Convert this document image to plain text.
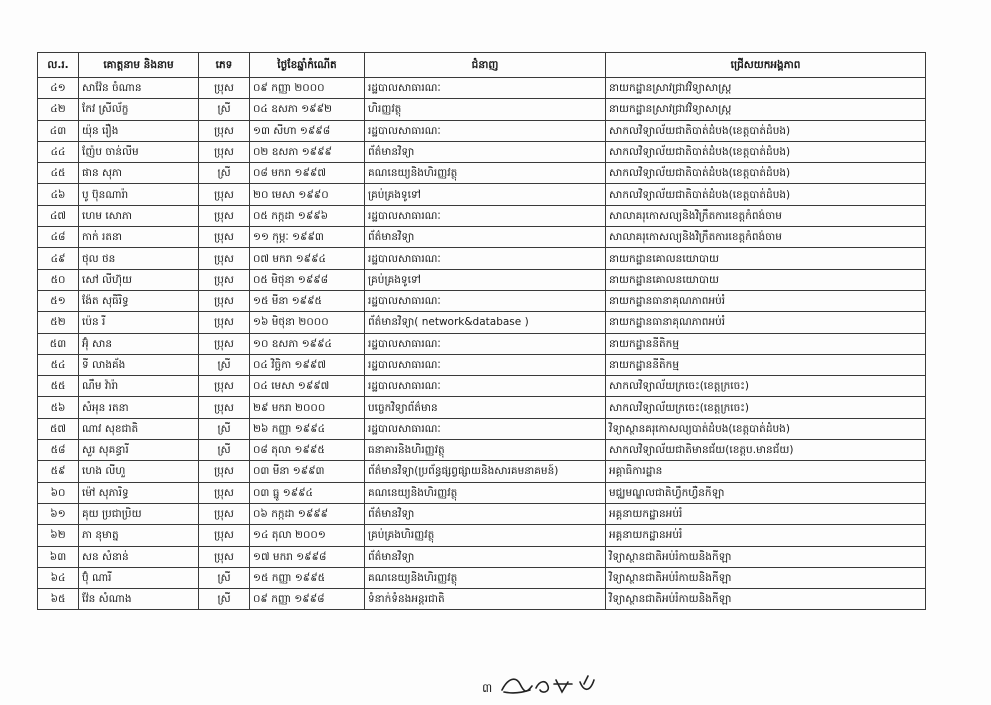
ល.រ.	គោត្តនាម និងនាម	ភេទ	ថ្ងៃខែឆ្នាំកំណើត	ជំនាញ	ជ្រើសយកអង្គភាព
៤១	សាវ៉ែន ចំណាន	ប្រុស	០៩ កញ្ញា ២០០០	រដ្ឋបាលសាធារណៈ	នាយកដ្ឋានស្រាវជ្រាវវិទ្យាសាស្ត្រ
៤២	កែវ ស្រីល័ក្ខ	ស្រី	០៤ ឧសភា ១៩៩២	ហិរញ្ញវត្ថុ	នាយកដ្ឋានស្រាវជ្រាវវិទ្យាសាស្ត្រ
៤៣	យ៉ុន រឿង	ប្រុស	១៣ សីហា ១៩៩៨	រដ្ឋបាលសាធារណៈ	សាកលវិទ្យាល័យជាតិបាត់ដំបង(ខេត្តបាត់ដំបង)
៤៤	ញ៉ែប ចាន់លីម	ប្រុស	០២ ឧសភា ១៩៩៩	ព័ត៌មានវិទ្យា	សាកលវិទ្យាល័យជាតិបាត់ដំបង(ខេត្តបាត់ដំបង)
៤៥	ផាន សុភា	ស្រី	០៨ មករា ១៩៩៧	គណនេយ្យនិងហិរញ្ញវត្ថុ	សាកលវិទ្យាល័យជាតិបាត់ដំបង(ខេត្តបាត់ដំបង)
៤៦	បូ ប៊ុនណារ៉ា	ប្រុស	២០ មេសា ១៩៩០	គ្រប់គ្រងទូទៅ	សាកលវិទ្យាល័យជាតិបាត់ដំបង(ខេត្តបាត់ដំបង)
៤៧	ហេម សោភា	ប្រុស	០៥ កក្កដា ១៩៩៦	រដ្ឋបាលសាធារណៈ	សាលាគរុកោសល្យនិងវិក្រឹតការខេត្តកំពង់ចាម
៤៨	កាក់ រតនា	ប្រុស	១១ កុម្ភៈ ១៩៩៣	ព័ត៌មានវិទ្យា	សាលាគរុកោសល្យនិងវិក្រឹតការខេត្តកំពង់ចាម
៤៩	ថុល ថន	ប្រុស	០៧ មករា ១៩៩៤	រដ្ឋបាលសាធារណៈ	នាយកដ្ឋានគោលនយោបាយ
៥០	សៅ លីហ៊ុយ	ប្រុស	០៥ មិថុនា ១៩៩៨	គ្រប់គ្រងទូទៅ	នាយកដ្ឋានគោលនយោបាយ
៥១	ង៉ែត សុធីរិទ្ធ	ប្រុស	១៥ មីនា ១៩៩៥	រដ្ឋបាលសាធារណៈ	នាយកដ្ឋានធានាគុណភាពអប់រំ
៥២	ប៉េន រី	ប្រុស	១៦ មិថុនា ២០០០	ព័ត៌មានវិទ្យា( network&database )	នាយកដ្ឋានធានាគុណភាពអប់រំ
៥៣	អ៊ុំ សាន	ប្រុស	១០ ឧសភា ១៩៩៤	រដ្ឋបាលសាធារណៈ	នាយកដ្ឋាននីតិកម្ម
៥៤	ទី លាងគ័ង	ស្រី	០៤ វិច្ឆិកា ១៩៩៧	រដ្ឋបាលសាធារណៈ	នាយកដ្ឋាននីតិកម្ម
៥៥	ណឹម វ៉ារ៉ា	ប្រុស	០៤ មេសា ១៩៩៧	រដ្ឋបាលសាធារណៈ	សាកលវិទ្យាល័យក្រចេះ(ខេត្តក្រចេះ)
៥៦	សំអុន រតនា	ប្រុស	២៩ មករា ២០០០	បច្ចេកវិទ្យាព័ត៌មាន	សាកលវិទ្យាល័យក្រចេះ(ខេត្តក្រចេះ)
៥៧	ណាវ សុខជាតិ	ស្រី	២៦ កញ្ញា ១៩៩៤	រដ្ឋបាលសាធារណៈ	វិទ្យាស្ថានគរុកោសល្យបាត់ដំបង(ខេត្តបាត់ដំបង)
៥៨	សួរ សុគន្ធារី	ស្រី	០៨ តុលា ១៩៩៥	ធនាគារនិងហិរញ្ញវត្ថុ	សាកលវិទ្យាល័យជាតិមានជ័យ(ខេត្តប.មានជ័យ)
៥៩	ហេង លីហួ	ប្រុស	០៣ មីនា ១៩៩៣	ព័ត៌មានវិទ្យា(ប្រព័ន្ធផ្សព្វផ្សាយនិងសារគមនាគមន៍)	អគ្គាធិការដ្ឋាន
៦០	ម៉ៅ សុភារិទ្ធ	ប្រុស	០៣ ធ្នូ ១៩៩៤	គណនេយ្យនិងហិរញ្ញវត្ថុ	មជ្ឈមណ្ឌលជាតិហ្វឹកហ្វឺនកីឡា
៦១	គុយ ប្រជាប្រិយ	ប្រុស	០៦ កក្កដា ១៩៩៩	ព័ត៌មានវិទ្យា	អគ្គនាយកដ្ឋានអប់រំ
៦២	ភា នុមាត្ន	ប្រុស	១៤ តុលា ២០០១	គ្រប់គ្រងហិរញ្ញវត្ថុ	អគ្គនាយកដ្ឋានអប់រំ
៦៣	សន សំនាន់	ប្រុស	១៧ មករា ១៩៩៨	ព័ត៌មានវិទ្យា	វិទ្យាស្ថានជាតិអប់រំកាយនិងកីឡា
៦៤	ប៊ុំ ណារី	ស្រី	១៥ កញ្ញា ១៩៩៥	គណនេយ្យនិងហិរញ្ញវត្ថុ	វិទ្យាស្ថានជាតិអប់រំកាយនិងកីឡា
៦៥	វ៉ែន សំណាង	ស្រី	០៩ កញ្ញា ១៩៩៨	ទំនាក់ទំនងអន្តរជាតិ	វិទ្យាស្ថានជាតិអប់រំកាយនិងកីឡា
៣
